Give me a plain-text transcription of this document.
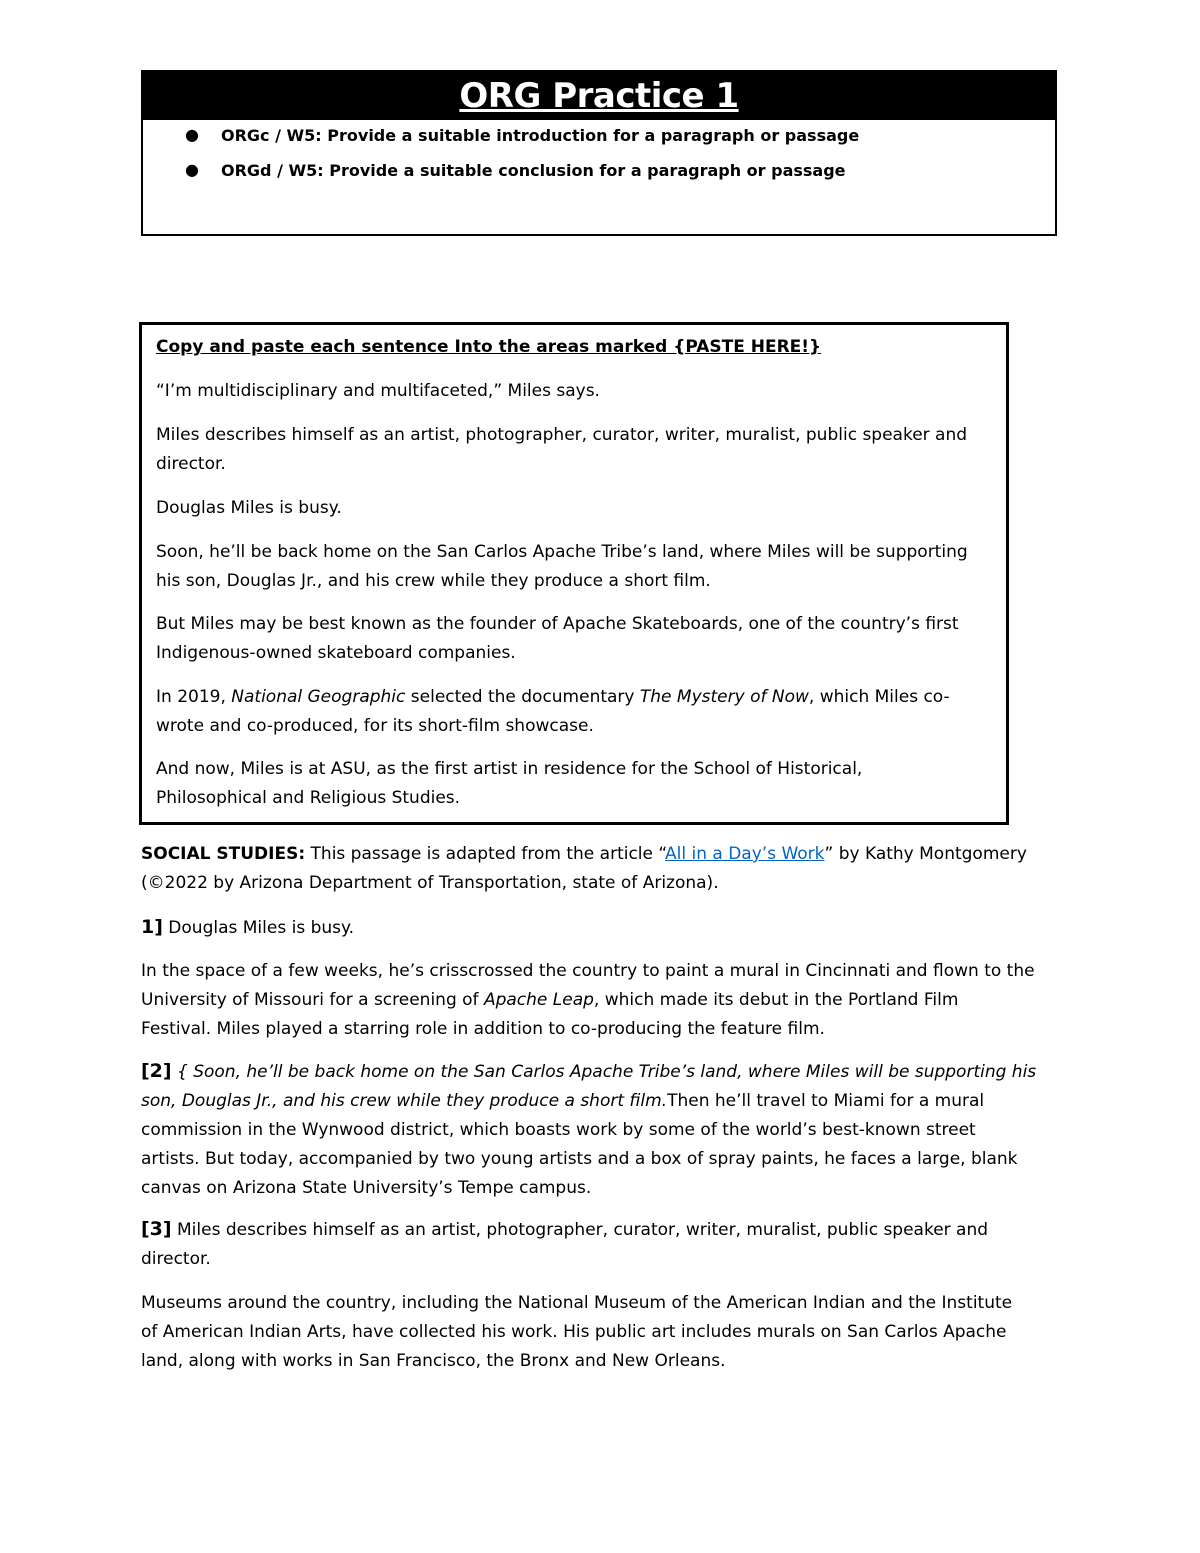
ORG Practice 1
● ORGc / W5: Provide a suitable introduction for a paragraph or passage
● ORGd / W5: Provide a suitable conclusion for a paragraph or passage
Copy and paste each sentence Into the areas marked {PASTE HERE!}
“I’m multidisciplinary and multifaceted,” Miles says.
Miles describes himself as an artist, photographer, curator, writer, muralist, public speaker and
director.
Douglas Miles is busy.
Soon, he’ll be back home on the San Carlos Apache Tribe’s land, where Miles will be supporting
his son, Douglas Jr., and his crew while they produce a short film.
But Miles may be best known as the founder of Apache Skateboards, one of the country’s first
Indigenous-owned skateboard companies.
In 2019, National Geographic selected the documentary The Mystery of Now, which Miles co-
wrote and co-produced, for its short-film showcase.
And now, Miles is at ASU, as the first artist in residence for the School of Historical,
Philosophical and Religious Studies.
SOCIAL STUDIES: This passage is adapted from the article “All in a Day’s Work” by Kathy Montgomery
(©2022 by Arizona Department of Transportation, state of Arizona).
1] Douglas Miles is busy.
In the space of a few weeks, he’s crisscrossed the country to paint a mural in Cincinnati and flown to the
University of Missouri for a screening of Apache Leap, which made its debut in the Portland Film
Festival. Miles played a starring role in addition to co-producing the feature film.
[2] { Soon, he’ll be back home on the San Carlos Apache Tribe’s land, where Miles will be supporting his
son, Douglas Jr., and his crew while they produce a short film.Then he’ll travel to Miami for a mural
commission in the Wynwood district, which boasts work by some of the world’s best-known street
artists. But today, accompanied by two young artists and a box of spray paints, he faces a large, blank
canvas on Arizona State University’s Tempe campus.
[3] Miles describes himself as an artist, photographer, curator, writer, muralist, public speaker and
director.
Museums around the country, including the National Museum of the American Indian and the Institute
of American Indian Arts, have collected his work. His public art includes murals on San Carlos Apache
land, along with works in San Francisco, the Bronx and New Orleans.
